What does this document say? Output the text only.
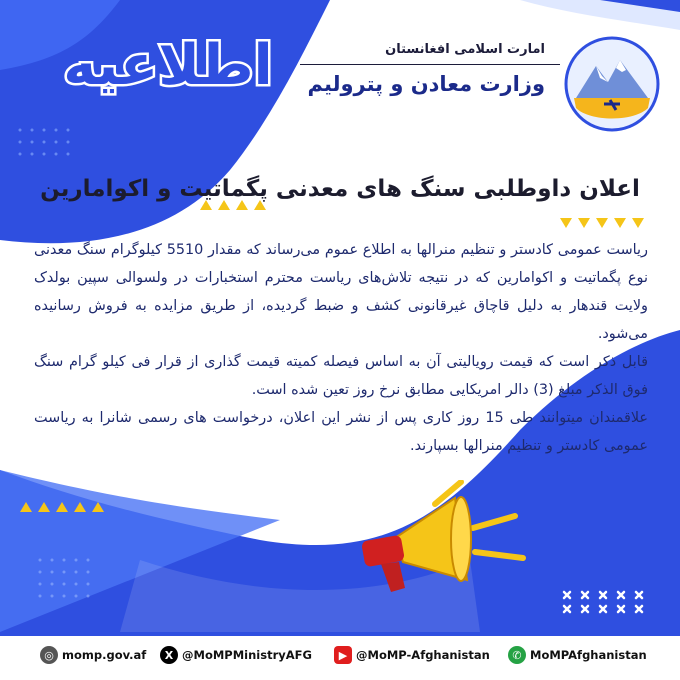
اطلاعیه	امارت اسلامی افغانستان
وزارت معادن و پترولیم
اعلان داوطلبی سنگ های معدنی پگماتیت و اکوامارین

ریاست عمومی کادستر و تنظیم منرالها به اطلاع عموم می‌رساند که مقدار 5510 کیلوگرام سنگ معدنی نوع پگماتیت و اکوامارین که در نتیجه تلاش‌های ریاست محترم استخبارات در ولسوالی سپین بولدک ولایت قندهار به دلیل قاچاق غیرقانونی کشف و ضبط گردیده، از طریق مزایده به فروش رسانیده می‌شود.

قابل ذکر است که قیمت رویالیتی آن به اساس فیصله کمیته قیمت گذاری از قرار فی کیلو گرام سنگ فوق الذکر مبلغ (3) دالر امریکایی مطابق نرخ روز تعین شده است.

علاقمندان میتوانند طی 15 روز کاری پس از نشر این اعلان، درخواست های رسمی شانرا به ریاست عمومی کادستر و تنظیم منرالها بسپارند.

◎ momp.gov.af	X @MoMPMinistryAFG	▶ @MoMP-Afghanistan	✆ MoMPAfghanistan
